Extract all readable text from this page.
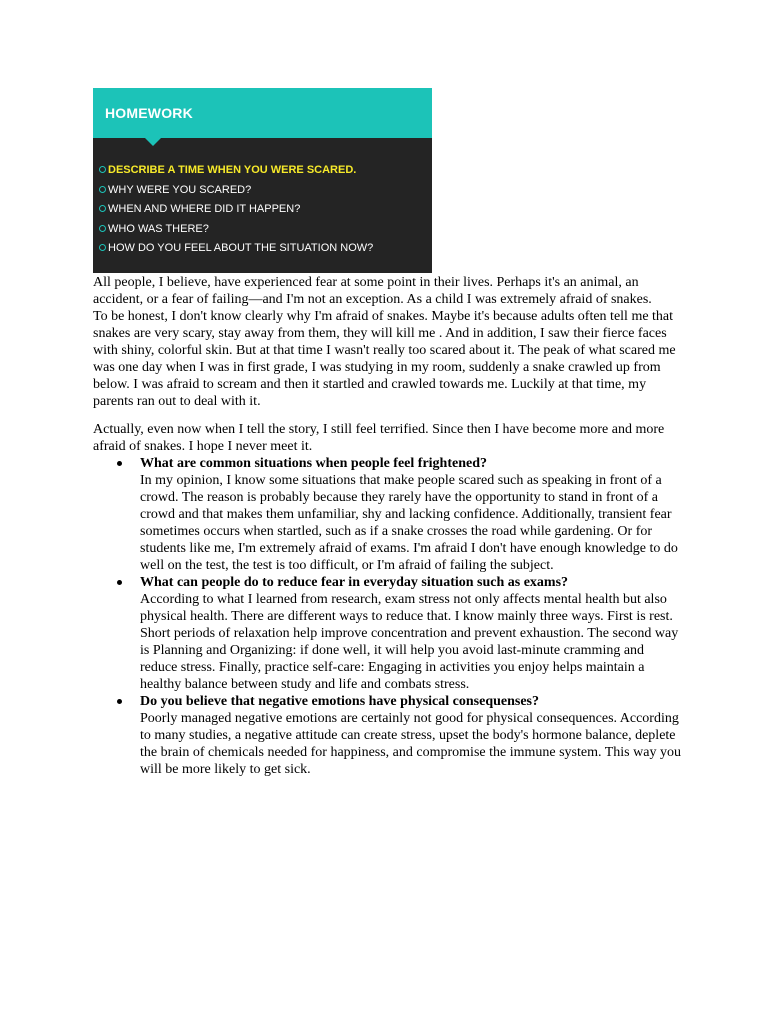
HOMEWORK
DESCRIBE A TIME WHEN YOU WERE SCARED.
WHY WERE YOU SCARED?
WHEN AND WHERE DID IT HAPPEN?
WHO WAS THERE?
HOW DO YOU FEEL ABOUT THE SITUATION NOW?

All people, I believe, have experienced fear at some point in their lives. Perhaps it's an animal, an accident, or a fear of failing—and I'm not an exception. As a child I was extremely afraid of snakes.

To be honest, I don't know clearly why I'm afraid of snakes. Maybe it's because adults often tell me that snakes are very scary, stay away from them, they will kill me . And in addition, I saw their fierce faces with shiny, colorful skin. But at that time I wasn't really too scared about it. The peak of what scared me was one day when I was in first grade, I was studying in my room, suddenly a snake crawled up from below. I was afraid to scream and then it startled and crawled towards me. Luckily at that time, my parents ran out to deal with it.

Actually, even now when I tell the story, I still feel terrified. Since then I have become more and more afraid of snakes. I hope I never meet it.

What are common situations when people feel frightened?
In my opinion, I know some situations that make people scared such as speaking in front of a crowd. The reason is probably because they rarely have the opportunity to stand in front of a crowd and that makes them unfamiliar, shy and lacking confidence. Additionally, transient fear sometimes occurs when startled, such as if a snake crosses the road while gardening. Or for students like me, I'm extremely afraid of exams. I'm afraid I don't have enough knowledge to do well on the test, the test is too difficult, or I'm afraid of failing the subject.
What can people do to reduce fear in everyday situation such as exams?
According to what I learned from research, exam stress not only affects mental health but also physical health. There are different ways to reduce that. I know mainly three ways. First is rest. Short periods of relaxation help improve concentration and prevent exhaustion. The second way is Planning and Organizing: if done well, it will help you avoid last-minute cramming and reduce stress. Finally, practice self-care: Engaging in activities you enjoy helps maintain a healthy balance between study and life and combats stress.
Do you believe that negative emotions have physical consequenses?
Poorly managed negative emotions are certainly not good for physical consequences. According to many studies, a negative attitude can create stress, upset the body's hormone balance, deplete the brain of chemicals needed for happiness, and compromise the immune system. This way you will be more likely to get sick.
